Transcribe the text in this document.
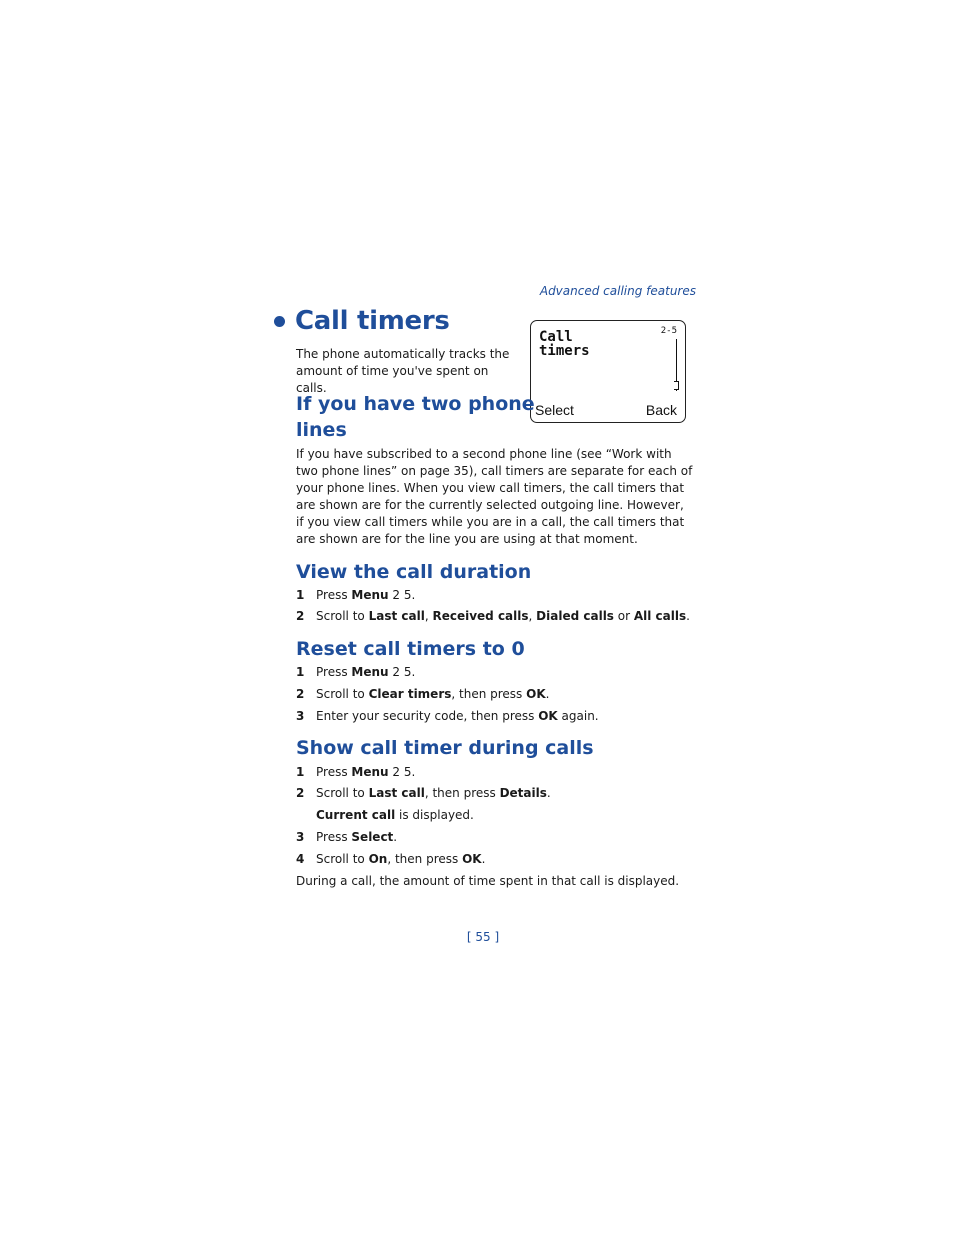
Advanced calling features
Call timers

The phone automatically tracks the amount of time you've spent on calls.

Call
timers
2-5
Select	Back
If you have two phone
lines

If you have subscribed to a second phone line (see “Work with two phone lines” on page 35), call timers are separate for each of your phone lines. When you view call timers, the call timers that are shown are for the currently selected outgoing line. However, if you view call timers while you are in a call, the call timers that are shown are for the line you are using at that moment.

View the call duration
1 Press Menu 2 5.
2 Scroll to Last call, Received calls, Dialed calls or All calls.
Reset call timers to 0
1 Press Menu 2 5.
2 Scroll to Clear timers, then press OK.
3 Enter your security code, then press OK again.
Show call timer during calls
1 Press Menu 2 5.
2 Scroll to Last call, then press Details.
Current call is displayed.
3 Press Select.
4 Scroll to On, then press OK.

During a call, the amount of time spent in that call is displayed.

[ 55 ]
